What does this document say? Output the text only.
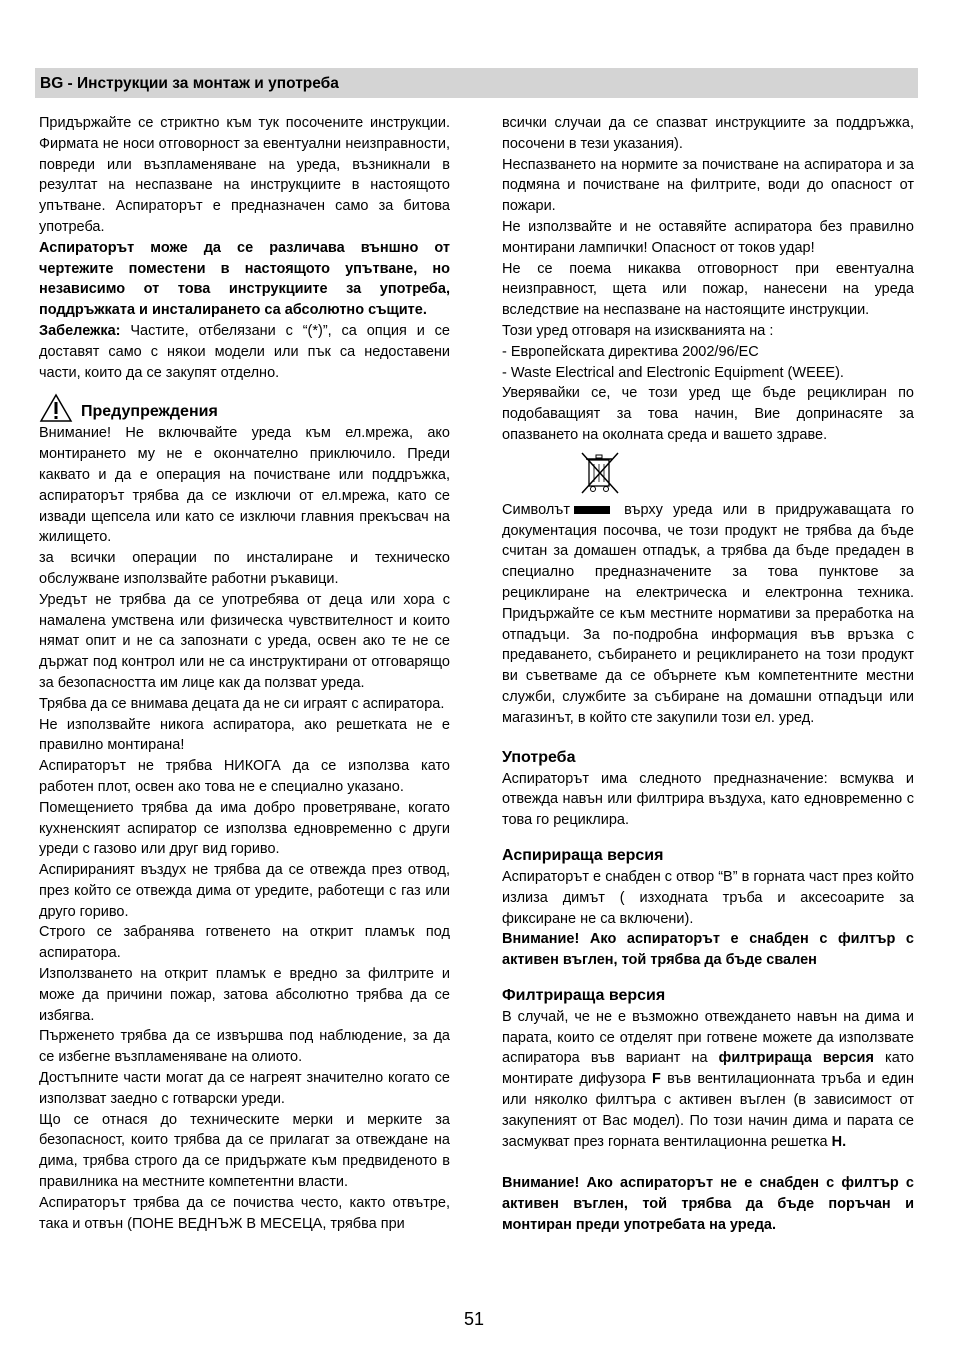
BG - Инструкции за монтаж и употреба

Придържайте се стриктно към тук посочените инструкции. Фирмата не носи отговорност за евентуални неизправности, повреди или възпламеняване на уреда, възникнали в резултат на неспазване на инструкциите в настоящото упътване. Аспираторът е предназначен само за битова употреба.

Аспираторът може да се различава външно от чертежите поместени в настоящото упътване, но независимо от това инструкциите за употреба, поддръжката и инсталирането са абсолютно същите.

Забележка: Частите, отбелязани с “(*)”, са опция и се доставят само с някои модели или пък са недоставени части, които да се закупят отделно.

Предупреждения

Внимание! Не включвайте уреда към ел.мрежа, ако монтирането му не е окончателно приключило. Преди каквато и да е операция на почистване или поддръжка, аспираторът трябва да се изключи от ел.мрежа, като се извади щепсела или като се изключи главния прекъсвач на жилището.

за всички операции по инсталиране и техническо обслужване използвайте работни ръкавици.

Уредът не трябва да се употребява от деца или хора с намалена умствена или физическа чувствителност и които нямат опит и не са запознати с уреда, освен ако те не се държат под контрол или не са инструктирани от отговарящо за безопасността им лице как да ползват уреда.

Трябва да се внимава децата да не си играят с аспиратора.

Не използвайте никога аспиратора, ако решетката не е правилно монтирана!

Аспираторът не трябва НИКОГА да се използва като работен плот, освен ако това не е специално указано.

Помещението трябва да има добро проветряване, когато кухненският аспиратор се използва едновременно с други уреди с газово или друг вид гориво.

Аспирираният въздух не трябва да се отвежда през отвод, през който се отвежда дима от уредите, работещи с газ или друго гориво.

Строго се забранява готвенето на открит пламък под аспиратора.

Използването на открит пламък е вредно за филтрите и може да причини пожар, затова абсолютно трябва да се избягва.

Пърженето трябва да се извършва под наблюдение, за да се избегне възпламеняване на олиото.

Достъпните части могат да се нагреят значително когато се използват заедно с готварски уреди.

Що се отнася до техническите мерки и мерките за безопасност, които трябва да се прилагат за отвеждане на дима, трябва строго да се придържате към предвиденото в правилника на местните компетентни власти.

Аспираторът трябва да се почиства често, както отвътре, така и отвън (ПОНЕ ВЕДНЪЖ В МЕСЕЦА, трябва при

всички случаи да се спазват инструкциите за поддръжка, посочени в тези указания).

Неспазването на нормите за почистване на аспиратора и за подмяна и почистване на филтрите, води до опасност от пожари.

Не използвайте и не оставяйте аспиратора без правилно монтирани лампички! Опасност от токов удар!

Не се поема никаква отговорност при евентуална неизправност, щета или пожар, нанесени на уреда вследствие на неспазване на настоящите инструкции.

Този уред отговаря на изискванията на :

- Европейската директива 2002/96/EC

- Waste Electrical and Electronic Equipment (WEEE).

Уверявайки се, че този уред ще бъде рециклиран по подобаващият за това начин, Вие допринасяте за опазването на околната среда и вашето здраве.

Символът	върху уреда или в придружаващата го документация посочва, че този продукт не трябва да бъде считан за домашен отпадък, а трябва да бъде предаден в специално предназначените за това пунктове за рециклиране на електрическа и електронна техника. Придържайте се към местните нормативи за преработка на отпадъци. За по-подробна информация във връзка с предаването, събирането и рециклирането на този продукт ви съветваме да се обърнете към компетентните местни служби, службите за събиране на домашни отпадъци или магазинът, в който сте закупили този ел. уред.

Употреба

Аспираторът има следното предназначение: всмуква и отвежда навън или филтрира въздуха, като едновременно с това го рециклира.

Аспирираща версия

Аспираторът е снабден с отвор “B” в горната част през който излиза димът ( изходната тръба и аксесоарите за фиксиране не са включени).

Внимание! Ако аспираторът е снабден с филтър с активен въглен, той трябва да бъде свален

Филтрираща версия

В случай, че не е възможно отвеждането навън на дима и парата, които се отделят при готвене можете да използвате аспиратора във вариант на филтрираща версия като монтирате дифузора F във вентилационната тръба и един или няколко филтъра с активен въглен (в зависимост от закупеният от Вас модел). По този начин дима и парата се засмукват през горната вентилационна решетка H.

Внимание! Ако аспираторът не е снабден с филтър с активен въглен, той трябва да бъде поръчан и монтиран преди употребата на уреда.

51
